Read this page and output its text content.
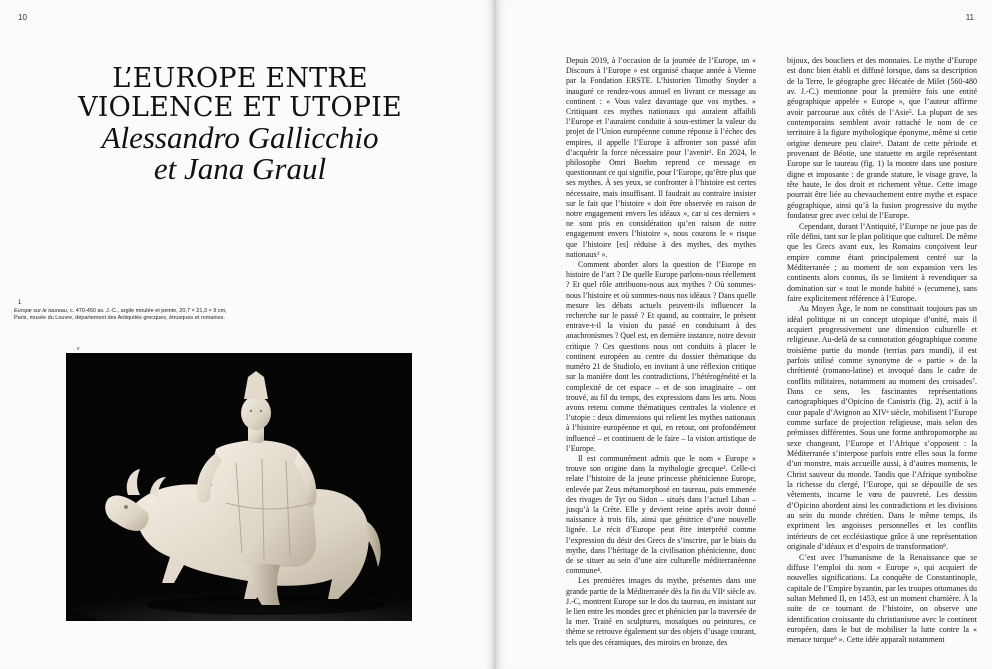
10
L’EUROPE ENTRE
VIOLENCE ET UTOPIE
Alessandro Gallicchio
et Jana Graul
1
Europe sur le taureau, c. 470-450 av. J.-C., argile moulée et peinte, 20,7 × 21,3 × 9 cm,
Paris, musée du Louvre, département des Antiquités grecques, étrusques et romaines.
v
11

Depuis 2019, à l’occasion de la journée de l’Europe, un « Discours à l’Europe » est organisé chaque année à Vienne par la Fondation ERSTE. L’historien Timothy Snyder a inauguré ce rendez-vous annuel en livrant ce message au continent : « Vous valez davantage que vos mythes. » Critiquant ces mythes nationaux qui auraient affaibli l’Europe et l’auraient conduite à sous-estimer la valeur du projet de l’Union européenne comme réponse à l’échec des empires, il appelle l’Europe à affronter son passé afin d’acquérir la force nécessaire pour l’avenir¹. En 2024, le philosophe Omri Boehm reprend ce message en questionnant ce qui signifie, pour l’Europe, qu’être plus que ses mythes. À ses yeux, se confronter à l’histoire est certes nécessaire, mais insuffisant. Il faudrait au contraire insister sur le fait que l’histoire « doit être observée en raison de notre engagement envers les idéaux », car si ces derniers « ne sont pris en considération qu’en raison de notre engagement envers l’histoire », nous courons le « risque que l’histoire [es] réduise à des mythes, des mythes nationaux² ».

Comment aborder alors la question de l’Europe en histoire de l’art ? De quelle Europe parlons-nous réellement ? Et quel rôle attribuons-nous aux mythes ? Où sommes-nous l’histoire et où sommes-nous nos idéaux ? Dans quelle mesure les débats actuels peuvent-ils influencer la recherche sur le passé ? Et quand, au contraire, le présent entrave-t-il la vision du passé en conduisant à des anachronismes ? Quel est, en dernière instance, notre devoir critique ? Ces questions nous ont conduits à placer le continent européen au centre du dossier thématique du numéro 21 de Studiolo, en invitant à une réflexion critique sur la manière dont les contradictions, l’hétérogénéité et la complexité de cet espace – et de son imaginaire – ont trouvé, au fil du temps, des expressions dans les arts. Nous avons retenu comme thématiques centrales la violence et l’utopie : deux dimensions qui relient les mythes nationaux à l’histoire européenne et qui, en retour, ont profondément influencé – et continuent de le faire – la vision artistique de l’Europe.

Il est communément admis que le nom « Europe » trouve son origine dans la mythologie grecque³. Celle-ci relate l’histoire de la jeune princesse phénicienne Europe, enlevée par Zeus métamorphosé en taureau, puis emmenée des rivages de Tyr ou Sidon – situés dans l’actuel Liban – jusqu’à la Crète. Elle y devient reine après avoir donné naissance à trois fils, ainsi que génitrice d’une nouvelle lignée. Le récit d’Europe peut être interprété comme l’expression du désir des Grecs de s’inscrire, par le biais du mythe, dans l’héritage de la civilisation phénicienne, donc de se situer au sein d’une aire culturelle méditerranéenne commune⁴.

Les premières images du mythe, présentes dans une grande partie de la Méditerranée dès la fin du VIIᵉ siècle av. J.-C, montrent Europe sur le dos du taureau, en insistant sur le lien entre les mondes grec et phénicien par la traversée de la mer. Traité en sculptures, mosaïques ou peintures, ce thème se retrouve également sur des objets d’usage courant, tels que des céramiques, des miroirs en bronze, des

bijoux, des boucliers et des monnaies. Le mythe d’Europe est donc bien établi et diffusé lorsque, dans sa description de la Terre, le géographe grec Hécatée de Milet (560-480 av. J.-C.) mentionne pour la première fois une entité géographique appelée « Europe », que l’auteur affirme avoir parcourue aux côtés de l’Asie⁵. La plupart de ses contemporains semblent avoir rattaché le nom de ce territoire à la figure mythologique éponyme, même si cette origine demeure peu claire⁶. Datant de cette période et provenant de Béotie, une statuette en argile représentant Europe sur le taureau (fig. 1) la montre dans une posture digne et imposante : de grande stature, le visage grave, la tête haute, le dos droit et richement vêtue. Cette image pourrait être liée au chevauchement entre mythe et espace géographique, ainsi qu’à la fusion progressive du mythe fondateur grec avec celui de l’Europe.

Cependant, durant l’Antiquité, l’Europe ne joue pas de rôle défini, tant sur le plan politique que culturel. De même que les Grecs avant eux, les Romains conçoivent leur empire comme étant principalement centré sur la Méditerranée ; au moment de son expansion vers les continents alors connus, ils se limitent à revendiquer sa domination sur « tout le monde habité » (ecumene), sans faire explicitement référence à l’Europe.

Au Moyen Âge, le nom ne constituait toujours pas un idéal politique ni un concept utopique d’unité, mais il acquiert progressivement une dimension culturelle et religieuse. Au-delà de sa connotation géographique comme troisième partie du monde (terrias pars mundi), il est parfois utilisé comme synonyme de « partie » de la chrétienté (romano-latine) et invoqué dans le cadre de conflits militaires, notamment au moment des croisades⁷. Dans ce sens, les fascinantes représentations cartographiques d’Opicino de Canistris (fig. 2), actif à la cour papale d’Avignon au XIVᵉ siècle, mobilisent l’Europe comme surface de projection religieuse, mais selon des prémisses différentes. Sous une forme anthropomorphe au sexe changeant, l’Europe et l’Afrique s’opposent : la Méditerranée s’interpose parfois entre elles sous la forme d’un monstre, mais accueille aussi, à d’autres moments, le Christ sauveur du monde. Tandis que l’Afrique symbolise la richesse du clergé, l’Europe, qui se dépouille de ses vêtements, incarne le vœu de pauvreté. Les dessins d’Opicino abordent ainsi les contradictions et les divisions au sein du monde chrétien. Dans le même temps, ils expriment les angoisses personnelles et les conflits intérieurs de cet ecclésiastique grâce à une représentation originale d’idéaux et d’espoirs de transformation⁸.

C’est avec l’humanisme de la Renaissance que se diffuse l’emploi du nom « Europe », qui acquiert de nouvelles significations. La conquête de Constantinople, capitale de l’Empire byzantin, par les troupes ottomanes du sultan Mehmed II, en 1453, est un moment charnière. À la suite de ce tournant de l’histoire, on observe une identification croissante du christianisme avec le continent européen, dans le but de mobiliser la lutte contre la « menace turque⁹ ». Cette idée apparaît notamment
